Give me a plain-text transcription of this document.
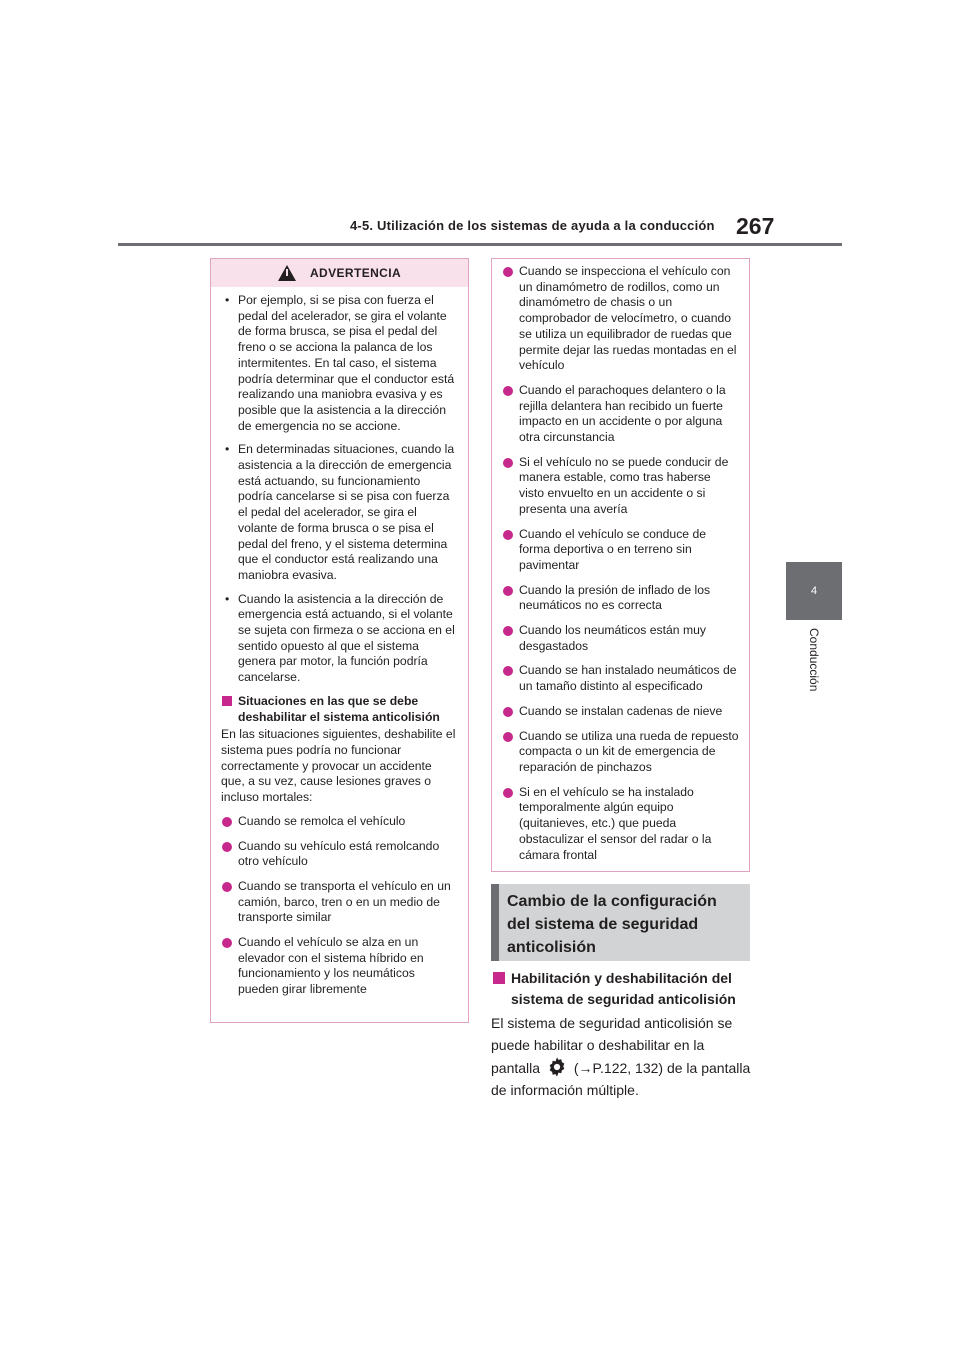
4-5. Utilización de los sistemas de ayuda a la conducción 267
4
Conducción
ADVERTENCIA
• Por ejemplo, si se pisa con fuerza el pedal del acelerador, se gira el volante de forma brusca, se pisa el pedal del freno o se acciona la palanca de los intermitentes. En tal caso, el sistema podría determinar que el conductor está realizando una maniobra evasiva y es posible que la asistencia a la dirección de emergencia no se accione.
• En determinadas situaciones, cuando la asistencia a la dirección de emergencia está actuando, su funcionamiento podría cancelarse si se pisa con fuerza el pedal del acelerador, se gira el volante de forma brusca o se pisa el pedal del freno, y el sistema determina que el conductor está realizando una maniobra evasiva.
• Cuando la asistencia a la dirección de emergencia está actuando, si el volante se sujeta con firmeza o se acciona en el sentido opuesto al que el sistema genera par motor, la función podría cancelarse.
Situaciones en las que se debe deshabilitar el sistema anticolisión
En las situaciones siguientes, deshabilite el sistema pues podría no funcionar correctamente y provocar un accidente que, a su vez, cause lesiones graves o incluso mortales:
Cuando se remolca el vehículo
Cuando su vehículo está remolcando otro vehículo
Cuando se transporta el vehículo en un camión, barco, tren o en un medio de transporte similar
Cuando el vehículo se alza en un elevador con el sistema híbrido en funcionamiento y los neumáticos pueden girar libremente
Cuando se inspecciona el vehículo con un dinamómetro de rodillos, como un dinamómetro de chasis o un comprobador de velocímetro, o cuando se utiliza un equilibrador de ruedas que permite dejar las ruedas montadas en el vehículo
Cuando el parachoques delantero o la rejilla delantera han recibido un fuerte impacto en un accidente o por alguna otra circunstancia
Si el vehículo no se puede conducir de manera estable, como tras haberse visto envuelto en un accidente o si presenta una avería
Cuando el vehículo se conduce de forma deportiva o en terreno sin pavimentar
Cuando la presión de inflado de los neumáticos no es correcta
Cuando los neumáticos están muy desgastados
Cuando se han instalado neumáticos de un tamaño distinto al especificado
Cuando se instalan cadenas de nieve
Cuando se utiliza una rueda de repuesto compacta o un kit de emergencia de reparación de pinchazos
Si en el vehículo se ha instalado temporalmente algún equipo (quitanieves, etc.) que pueda obstaculizar el sensor del radar o la cámara frontal
Cambio de la configuración del sistema de seguridad anticolisión
Habilitación y deshabilitación del sistema de seguridad anticolisión
El sistema de seguridad anticolisión se puede habilitar o deshabilitar en la pantalla (→P.122, 132) de la pantalla de información múltiple.
